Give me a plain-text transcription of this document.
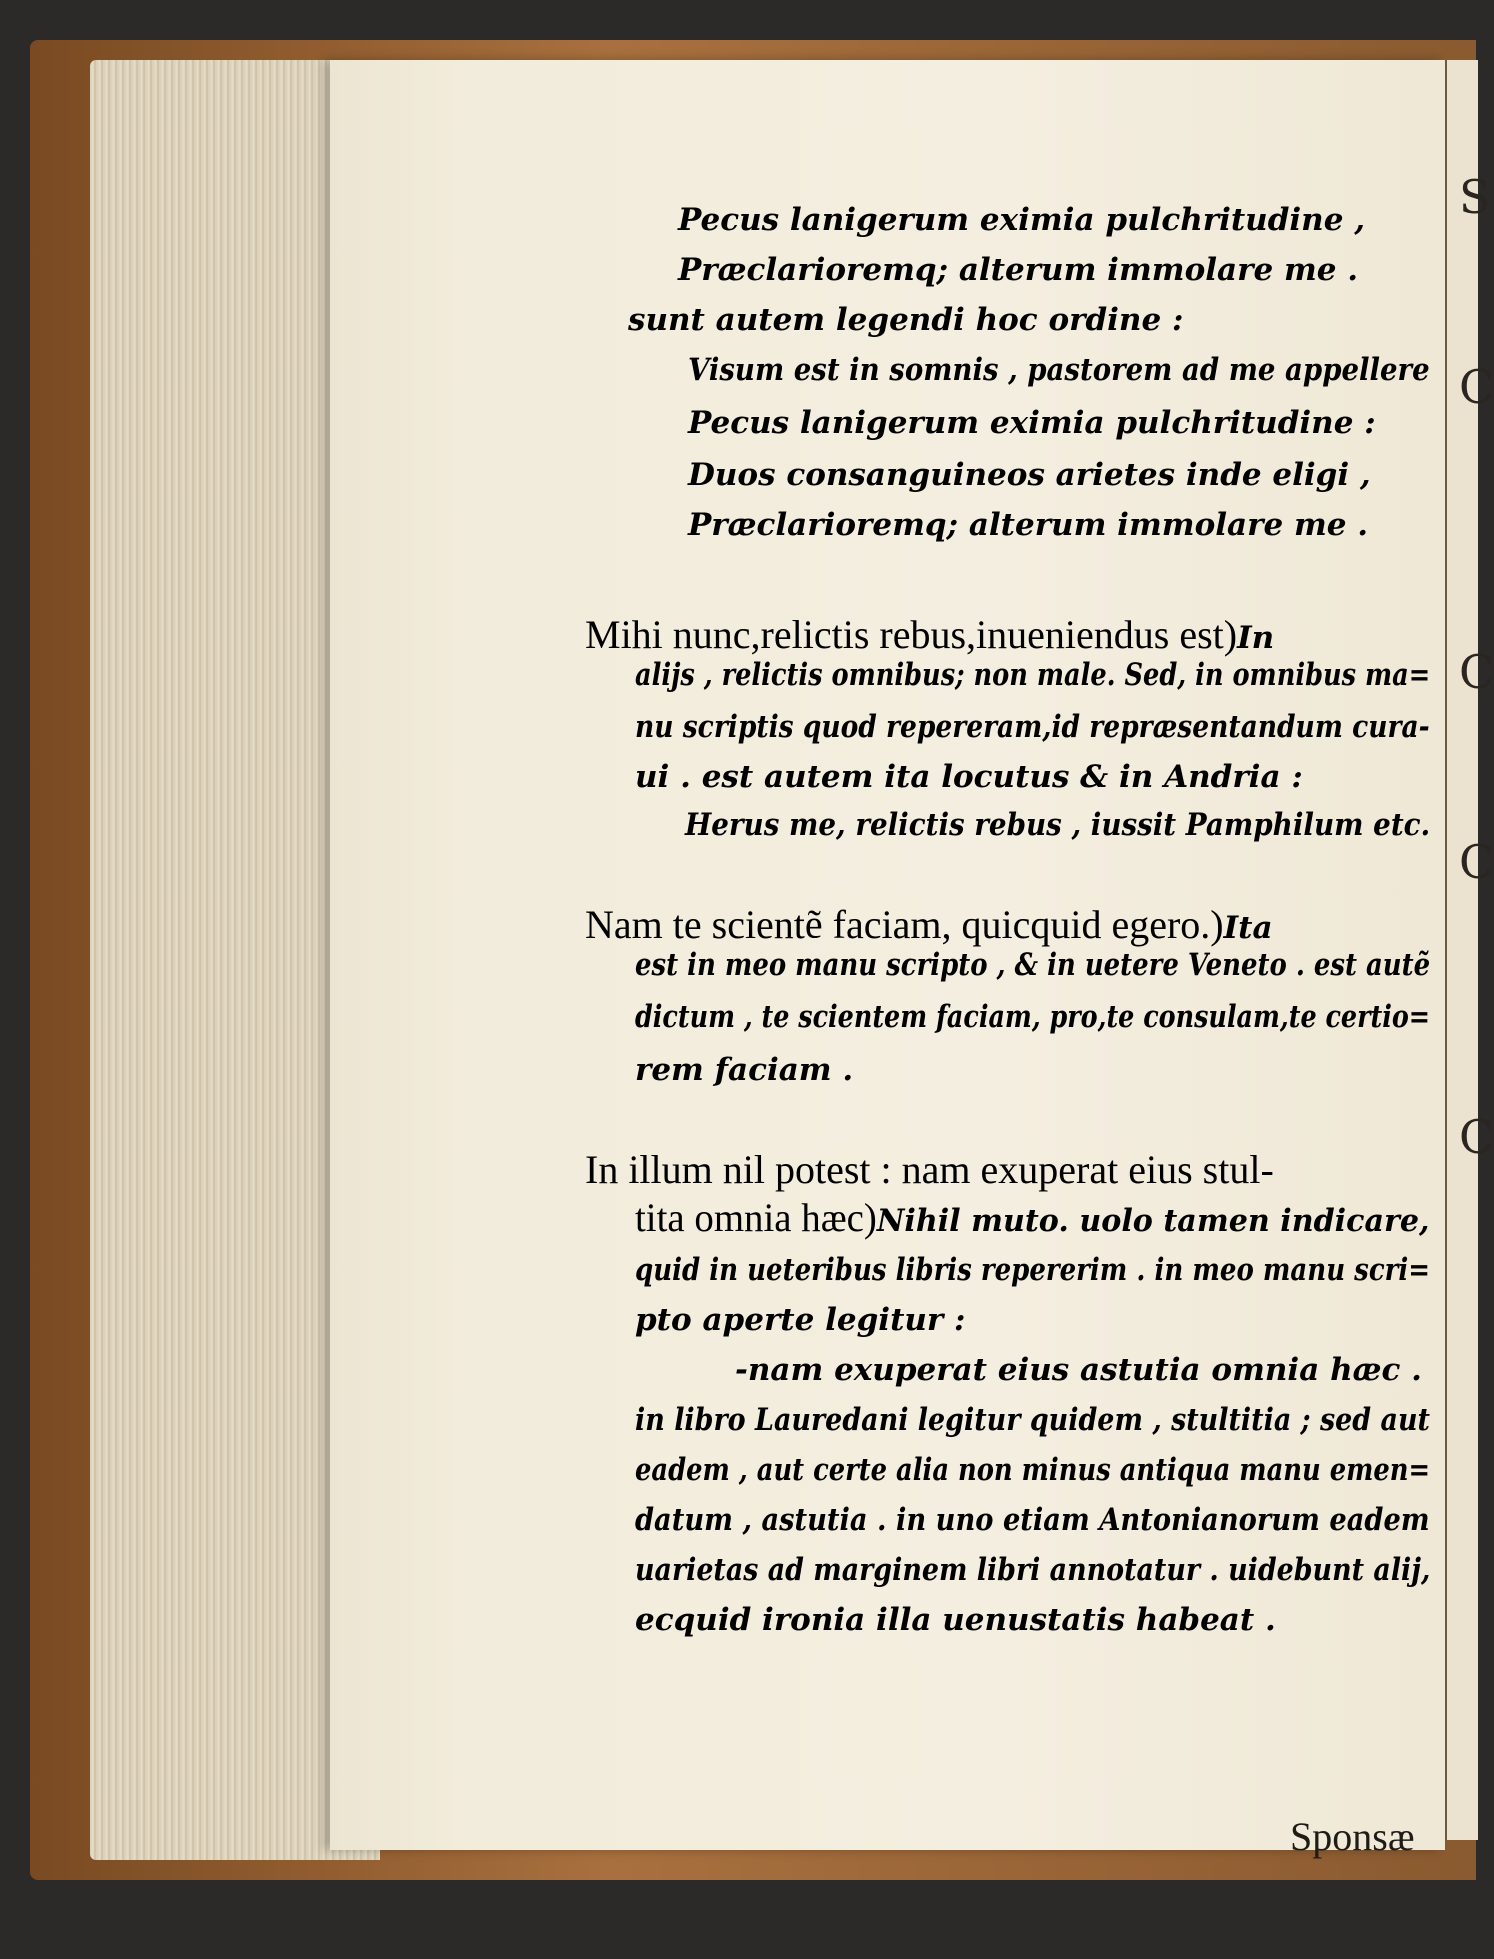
S
C
C
C
C
Pecus lanigerum eximia pulchritudine ,
Præclarioremq; alterum immolare me .
sunt autem legendi hoc ordine :
Visum est in somnis , pastorem ad me appellere
Pecus lanigerum eximia pulchritudine :
Duos consanguineos arietes inde eligi ,
Præclarioremq; alterum immolare me .
Mihi nunc,relictis rebus,inueniendus est)In
alijs , relictis omnibus; non male. Sed, in omnibus ma=
nu scriptis quod repereram,id repræsentandum cura-
ui . est autem ita locutus & in Andria :
Herus me, relictis rebus , iussit Pamphilum etc.
Nam te scientẽ faciam, quicquid egero.)Ita
est in meo manu scripto , & in uetere Veneto . est autẽ
dictum , te scientem faciam, pro,te consulam,te certio=
rem faciam .
In illum nil potest : nam exuperat eius stul-
tita omnia hæc)Nihil muto. uolo tamen indicare,
quid in ueteribus libris repererim . in meo manu scri=
pto aperte legitur :
-nam exuperat eius astutia omnia hæc .
in libro Lauredani legitur quidem , stultitia ; sed aut
eadem , aut certe alia non minus antiqua manu emen=
datum , astutia . in uno etiam Antonianorum eadem
uarietas ad marginem libri annotatur . uidebunt alij,
ecquid ironia illa uenustatis habeat .
Sponsæ
